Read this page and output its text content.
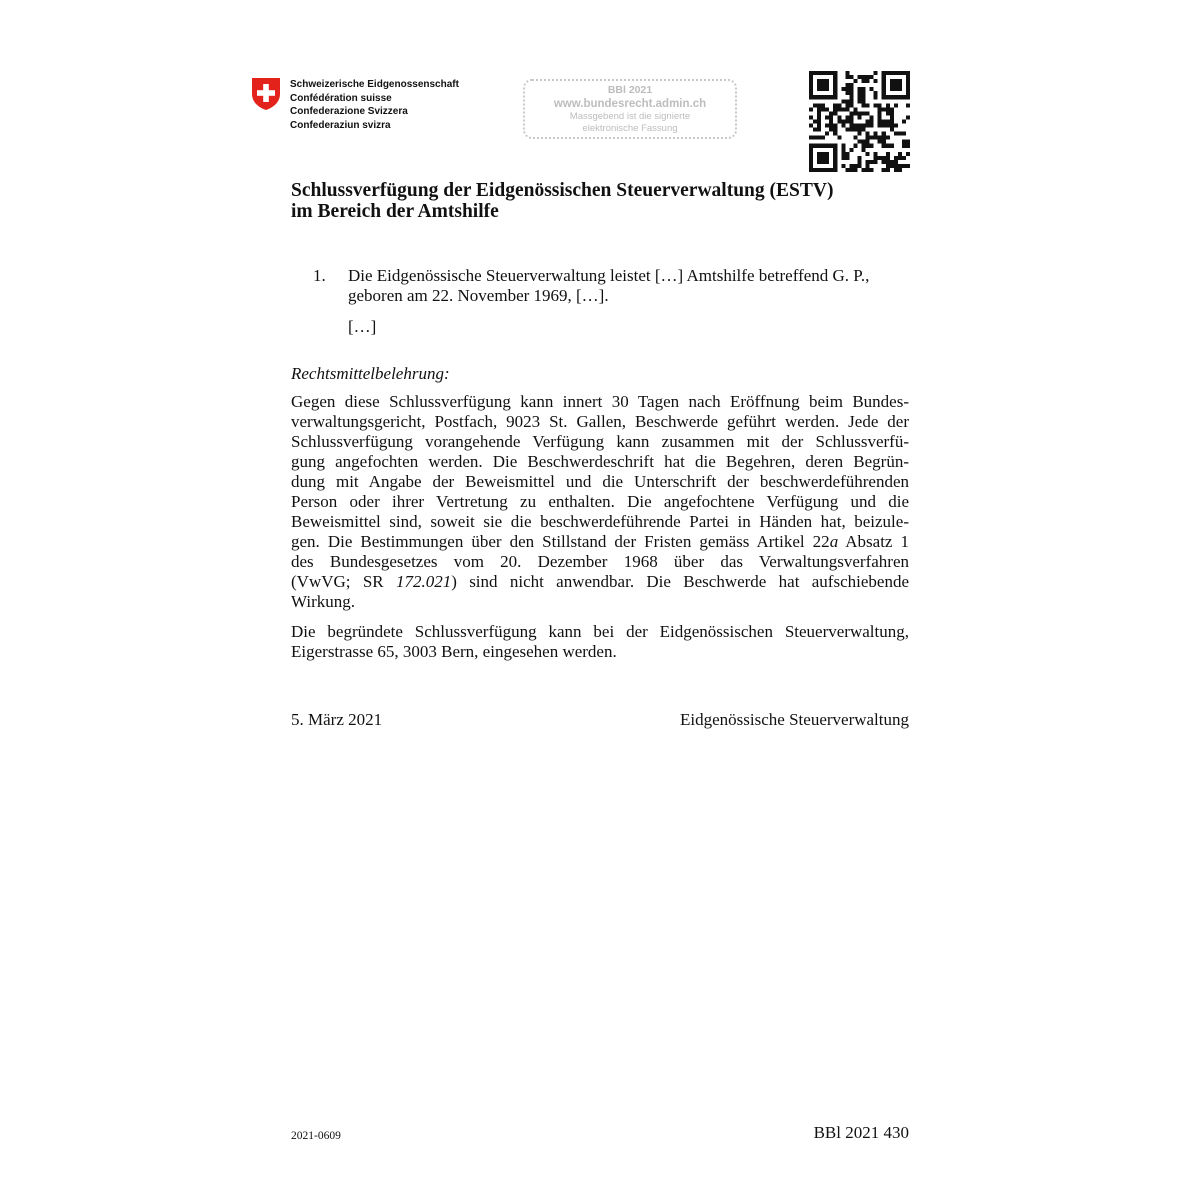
Schweizerische Eidgenossenschaft
Confédération suisse
Confederazione Svizzera
Confederaziun svizra
BBl 2021
www.bundesrecht.admin.ch
Massgebend ist die signierte
elektronische Fassung
Schlussverfügung der Eidgenössischen Steuerverwaltung (ESTV)
im Bereich der Amtshilfe
1. Die Eidgenössische Steuerverwaltung leistet […] Amtshilfe betreffend G. P.,
geboren am 22. November 1969, […].
[…]
Rechtsmittelbelehrung:
Gegen diese Schlussverfügung kann innert 30 Tagen nach Eröffnung beim Bundes-
verwaltungsgericht, Postfach, 9023 St. Gallen, Beschwerde geführt werden. Jede der
Schlussverfügung vorangehende Verfügung kann zusammen mit der Schlussverfü-
gung angefochten werden. Die Beschwerdeschrift hat die Begehren, deren Begrün-
dung mit Angabe der Beweismittel und die Unterschrift der beschwerdeführenden
Person oder ihrer Vertretung zu enthalten. Die angefochtene Verfügung und die
Beweismittel sind, soweit sie die beschwerdeführende Partei in Händen hat, beizule-
gen. Die Bestimmungen über den Stillstand der Fristen gemäss Artikel 22a Absatz 1
des Bundesgesetzes vom 20. Dezember 1968 über das Verwaltungsverfahren
(VwVG; SR 172.021) sind nicht anwendbar. Die Beschwerde hat aufschiebende
Wirkung.
Die begründete Schlussverfügung kann bei der Eidgenössischen Steuerverwaltung,
Eigerstrasse 65, 3003 Bern, eingesehen werden.
5. März 2021	Eidgenössische Steuerverwaltung
2021-0609	BBl 2021 430
